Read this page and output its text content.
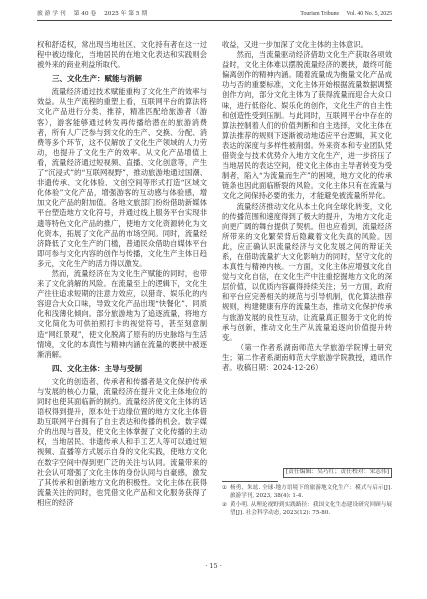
旅 游 学 刊 第 40 卷 2025 年 第 5 期	Tourism Tribune Vol. 40 No. 5, 2025

权和舒适权，常出现当地社区、文化持有者在这一过程中被边缘化，当地居民的在地文化表达和实践则会被外来的商业利益所取代。

三、文化生产：赋能与消解

流量经济通过技术赋能重构了文化生产的效率与效益。从生产流程的重塑上看，互联网平台的算法将文化产品进行分类、推荐，精准匹配给旅游者（游客），游客能够通过转发再传播给潜在的旅游消费者，所有人广泛参与到文化的生产、交换、分配、消费等多个环节，这不仅解放了文化生产领域的人力劳动，也提升了文化生产的效率。从文化产品增值上看，流量经济通过短视频、直播、文化创意等，产生了“沉浸式”的“互联网视野”，推动旅游地通过国潮、非遗传承、文化体验、文创空间等形式打造“区域文化体验”文化产品，增强游客的互动感与体验感，增加文化产品的附加值。各地文旅部门纷纷借助新媒体平台塑造地方文化符号，并通过线上服务平台实现非遗等特色文化产品的推广，使地方文化资源转化为文化资本，拓展了文化产品的市场空间。同时，流量经济降低了文化生产的门槛，普通民众借助自媒体平台即可参与文化内容的创作与传播，文化生产主体日趋多元，文化生产的活力得以激发。

然而，流量经济在为文化生产赋能的同时，也带来了文化消解的风险。在流量至上的逻辑下，文化生产往往追求短期的注意力效应，以猎奇、娱乐化的内容迎合大众口味，导致文化产品出现“快餐化”、同质化和浅薄化倾向。部分旅游地为了追逐流量，将地方文化简化为可供拍照打卡的视觉符号，甚至刻意制造“网红景观”，使文化脱离了原有的历史脉络与生活情境，文化的本真性与精神内涵在流量的裹挟中被逐渐消解。

四、文化主体：主导与受制

文化的创造者、传承者和传播者是文化保护传承与发展的核心力量，流量经济在提升文化主体地位的同时也使其面临新的制约。流量经济使文化主体的话语权得到提升，原本处于边缘位置的地方文化主体借助互联网平台拥有了自主表达和传播的机会。数字媒介的出现与普及，使文化主体掌握了文化传播的主动权，当地居民、非遗传承人和手工艺人等可以通过短视频、直播等方式展示自身的文化实践，使地方文化在数字空间中得到更广泛的关注与认同。流量带来的社会认可增强了文化主体的身份认同与自豪感，激发了其传承和创新地方文化的积极性。文化主体在获得流量关注的同时，也凭借文化产品和文化服务获得了相应的经济

收益，又进一步加深了文化主体的主体意识。

然而，当流量驱动经济借助文化生产获取各项效益时，文化主体难以摆脱流量经济的裹挟，最终可能偏离创作的精神内涵。随着流量成为衡量文化产品成功与否的重要标准，文化主体开始根据流量数据调整创作方向，部分文化主体为了获得流量而迎合大众口味，进行低俗化、娱乐化的创作，文化生产的自主性和创造性受到压制。与此同时，互联网平台中存在的算法控制着人们的价值判断和自主选择，文化主体在算法推荐的规则下逐渐被动地适应平台逻辑，其文化表达的深度与多样性被削弱。外来资本和专业团队凭借资金与技术优势介入地方文化生产，进一步挤压了当地居民的表达空间，使文化主体由主导者转变为受制者，陷入“为流量而生产”的困境，地方文化的传承链条也因此面临断裂的风险。文化主体只有在流量与文化之间保持必要的张力，才能避免被流量所异化。

流量经济推动文化从本土化向全球化转变，文化的传播范围和速度得到了极大的提升，为地方文化走向更广阔的舞台提供了契机。但也应看到，流量经济所带来的文化繁荣背后隐藏着文化失真的风险。因此，应正确认识流量经济与文化发展之间的辩证关系，在借助流量扩大文化影响力的同时，坚守文化的本真性与精神内核。一方面，文化主体应增强文化自觉与文化自信，在文化生产中注重挖掘地方文化的深层价值，以优质内容赢得持续关注；另一方面，政府和平台应完善相关的规范与引导机制，优化算法推荐规则，构建健康有序的流量生态，推动文化保护传承与旅游发展的良性互动，让流量真正服务于文化的传承与创新，推动文化生产从流量追逐向价值提升转变。

（第一作者系湖南师范大学旅游学院博士研究生；第二作者系湖南师范大学旅游学院教授，通讯作者。收稿日期：2024-12-26）

[责任编辑：吴巧红；责任校对：宋志伟]
① 杨勇，朱竑. 全球-地方语境下的旅游地文化生产：模式与启示[J]. 旅游学刊, 2023, 38(4): 1-4.
② 黄小明. 从理论视野到实践路径：我国文化生态建设研究回顾与展望[J]. 社会科学动态, 2023(12): 75-80.
· 15 ·
